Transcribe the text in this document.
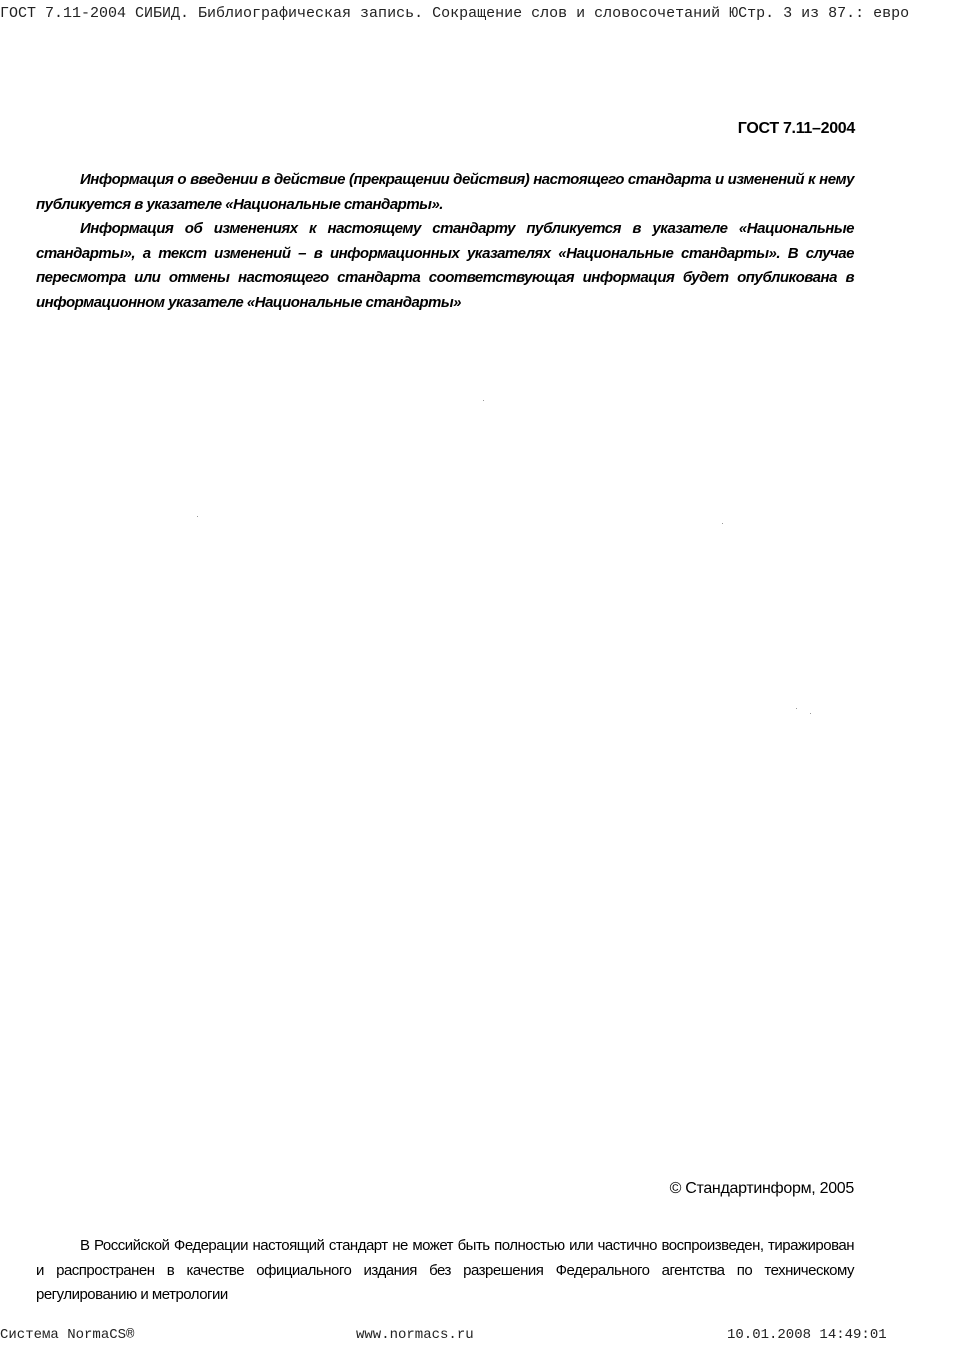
ГОСТ 7.11-2004 СИБИД. Библиографическая запись. Сокращение слов и словосочетаний ЮСтр. 3 из 87.: евро
ГОСТ 7.11–2004

Информация о введении в действие (прекращении действия) настоящего стандарта и изменений к нему публикуется в указателе «Национальные стандарты».

Информация об изменениях к настоящему стандарту публикуется в указателе «Национальные стандарты», а текст изменений – в информационных указателях «Национальные стандарты». В случае пересмотра или отмены настоящего стандарта соответствующая информация будет опубликована в информационном указателе «Национальные стандарты»

© Стандартинформ, 2005

В Российской Федерации настоящий стандарт не может быть полностью или частично воспроизведен, тиражирован и распространен в качестве официального издания без разрешения Федерального агентства по техническому регулированию и метрологии

Система NormaCS®	www.normacs.ru	10.01.2008 14:49:01
